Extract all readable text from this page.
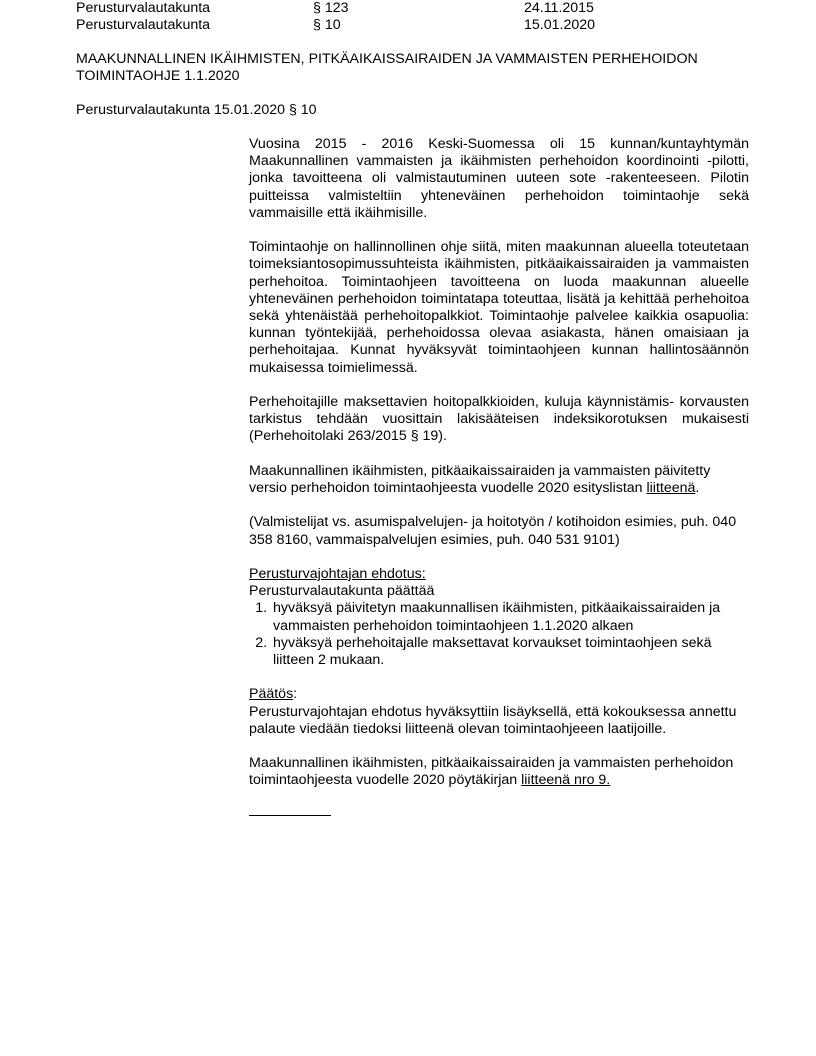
Perusturvalautakunta	§ 123	24.11.2015
Perusturvalautakunta	§ 10	15.01.2020
MAAKUNNALLINEN IKÄIHMISTEN, PITKÄAIKAISSAIRAIDEN JA VAMMAISTEN PERHEHOIDON TOIMINTAOHJE 1.1.2020
Perusturvalautakunta 15.01.2020 § 10

Vuosina 2015 - 2016 Keski-Suomessa oli 15 kunnan/kuntayhtymän Maakunnallinen vammaisten ja ikäihmisten perhehoidon koordinointi -pilotti, jonka tavoitteena oli valmistautuminen uuteen sote -rakenteeseen. Pilotin puitteissa valmisteltiin yhteneväinen perhehoidon toimintaohje sekä vammaisille että ikäihmisille.

Toimintaohje on hallinnollinen ohje siitä, miten maakunnan alueella toteutetaan toimeksiantosopimussuhteista ikäihmisten, pitkäaikaissairaiden ja vammaisten perhehoitoa. Toimintaohjeen tavoitteena on luoda maakunnan alueelle yhteneväinen perhehoidon toimintatapa toteuttaa, lisätä ja kehittää perhehoitoa sekä yhtenäistää perhehoitopalkkiot. Toimintaohje palvelee kaikkia osapuolia: kunnan työntekijää, perhehoidossa olevaa asiakasta, hänen omaisiaan ja perhehoitajaa. Kunnat hyväksyvät toimintaohjeen kunnan hallintosäännön mukaisessa toimielimessä.

Perhehoitajille maksettavien hoitopalkkioiden, kuluja käynnistämis- korvausten tarkistus tehdään vuosittain lakisääteisen indeksikorotuksen mukaisesti (Perhehoitolaki 263/2015 § 19).

Maakunnallinen ikäihmisten, pitkäaikaissairaiden ja vammaisten päivitetty versio perhehoidon toimintaohjeesta vuodelle 2020 esityslistan liitteenä.

(Valmistelijat vs. asumispalvelujen- ja hoitotyön / kotihoidon esimies, puh. 040 358 8160, vammaispalvelujen esimies, puh. 040 531 9101)

Perusturvajohtajan ehdotus:
Perusturvalautakunta päättää
1. hyväksyä päivitetyn maakunnallisen ikäihmisten, pitkäaikaissairaiden ja vammaisten perhehoidon toimintaohjeen 1.1.2020 alkaen
2. hyväksyä perhehoitajalle maksettavat korvaukset toimintaohjeen sekä liitteen 2 mukaan.
Päätös:
Perusturvajohtajan ehdotus hyväksyttiin lisäyksellä, että kokouksessa annettu palaute viedään tiedoksi liitteenä olevan toimintaohjeeen laatijoille.

Maakunnallinen ikäihmisten, pitkäaikaissairaiden ja vammaisten perhehoidon toimintaohjeesta vuodelle 2020 pöytäkirjan liitteenä nro 9.
